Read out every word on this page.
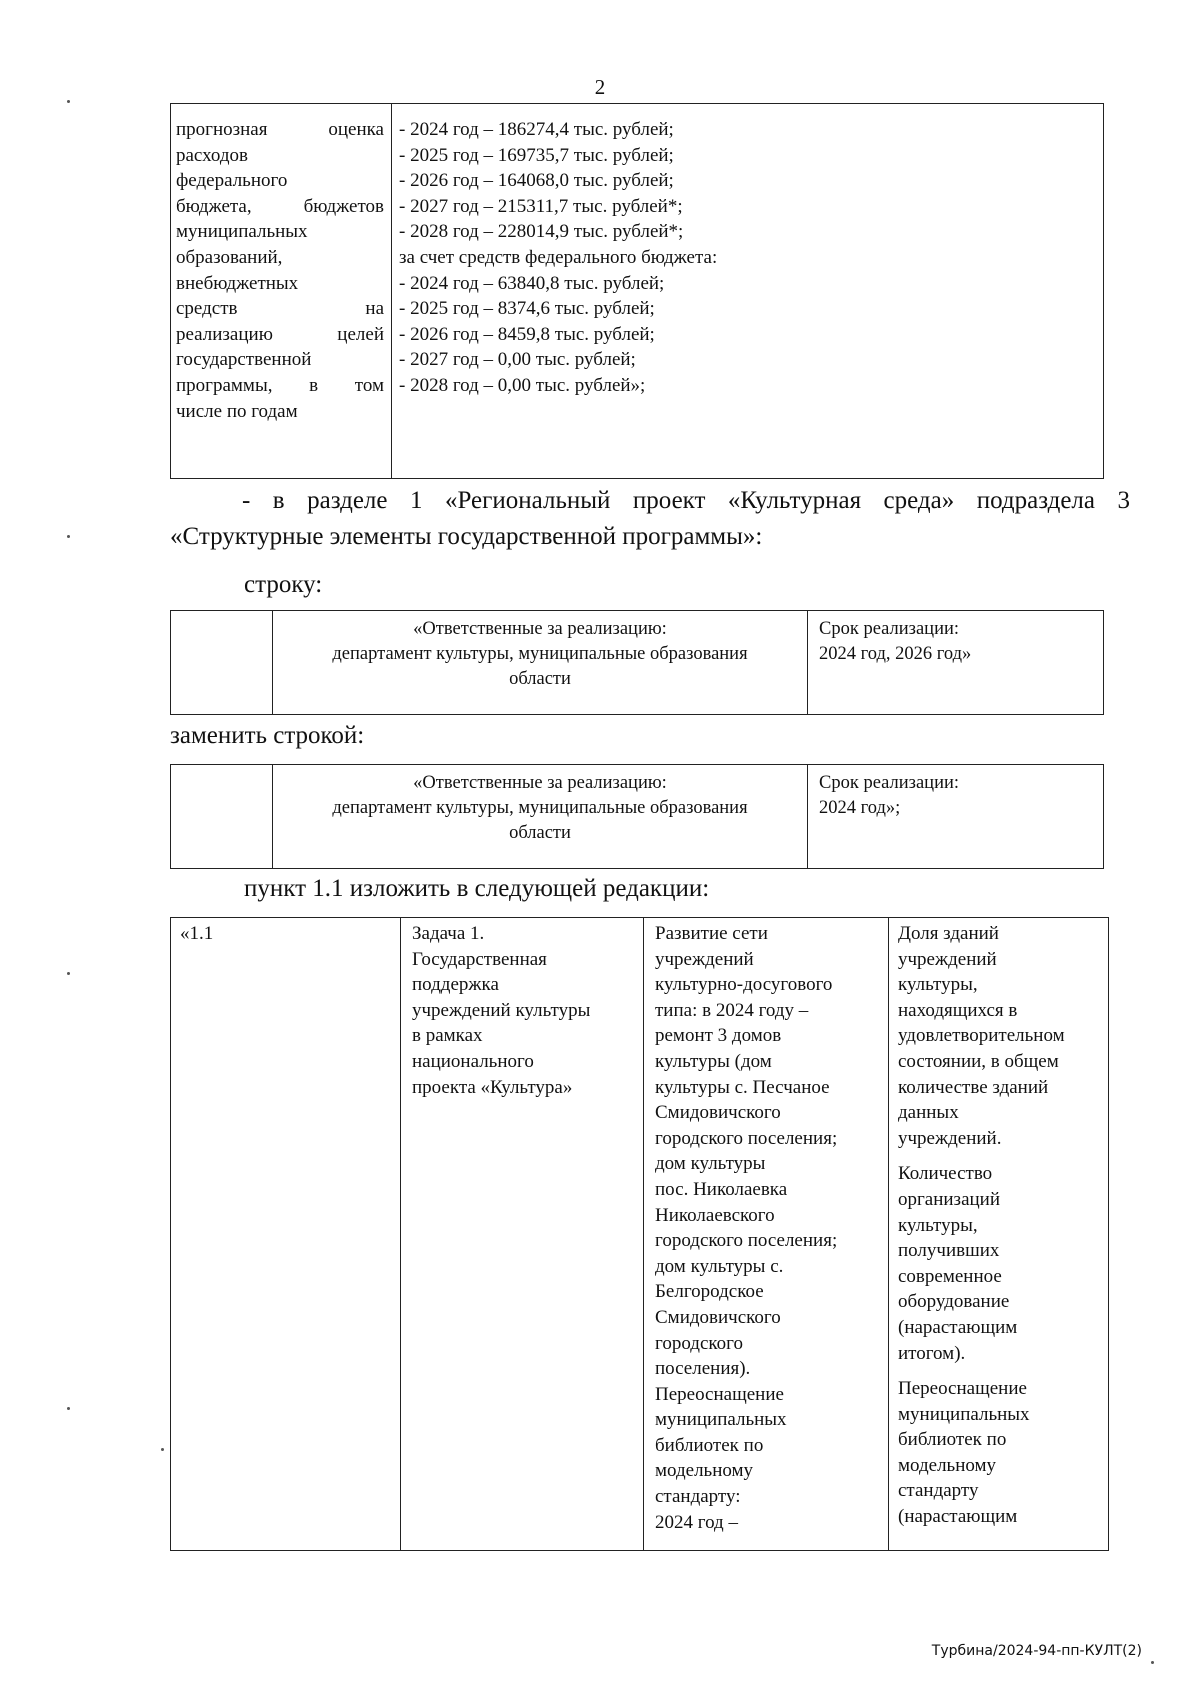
2
прогнозная оценка
расходов
федерального
бюджета, бюджетов
муниципальных
образований,
внебюджетных
средств на
реализацию целей
государственной
программы, в том
числе по годам
- 2024 год – 186274,4 тыс. рублей;
- 2025 год – 169735,7 тыс. рублей;
- 2026 год – 164068,0 тыс. рублей;
- 2027 год – 215311,7 тыс. рублей*;
- 2028 год – 228014,9 тыс. рублей*;
за счет средств федерального бюджета:
- 2024 год – 63840,8 тыс. рублей;
- 2025 год – 8374,6 тыс. рублей;
- 2026 год – 8459,8 тыс. рублей;
- 2027 год – 0,00 тыс. рублей;
- 2028 год – 0,00 тыс. рублей»;
- в разделе 1 «Региональный проект «Культурная среда» подраздела 3
«Структурные элементы государственной программы»:
строку:
«Ответственные за реализацию:
департамент культуры, муниципальные образования
области
Срок реализации:
2024 год, 2026 год»
заменить строкой:
«Ответственные за реализацию:
департамент культуры, муниципальные образования
области
Срок реализации:
2024 год»;
пункт 1.1 изложить в следующей редакции:
«1.1	Задача 1.
Государственная
поддержка
учреждений культуры
в рамках
национального
проекта «Культура»
Развитие сети
учреждений
культурно-досугового
типа: в 2024 году –
ремонт 3 домов
культуры (дом
культуры с. Песчаное
Смидовичского
городского поселения;
дом культуры
пос. Николаевка
Николаевского
городского поселения;
дом культуры с.
Белгородское
Смидовичского
городского
поселения).
Переоснащение
муниципальных
библиотек по
модельному
стандарту:
2024 год –
Доля зданий
учреждений
культуры,
находящихся в
удовлетворительном
состоянии, в общем
количестве зданий
данных
учреждений.
Количество
организаций
культуры,
получивших
современное
оборудование
(нарастающим
итогом).
Переоснащение
муниципальных
библиотек по
модельному
стандарту
(нарастающим
Турбина/2024-94-пп-КУЛТ(2)
